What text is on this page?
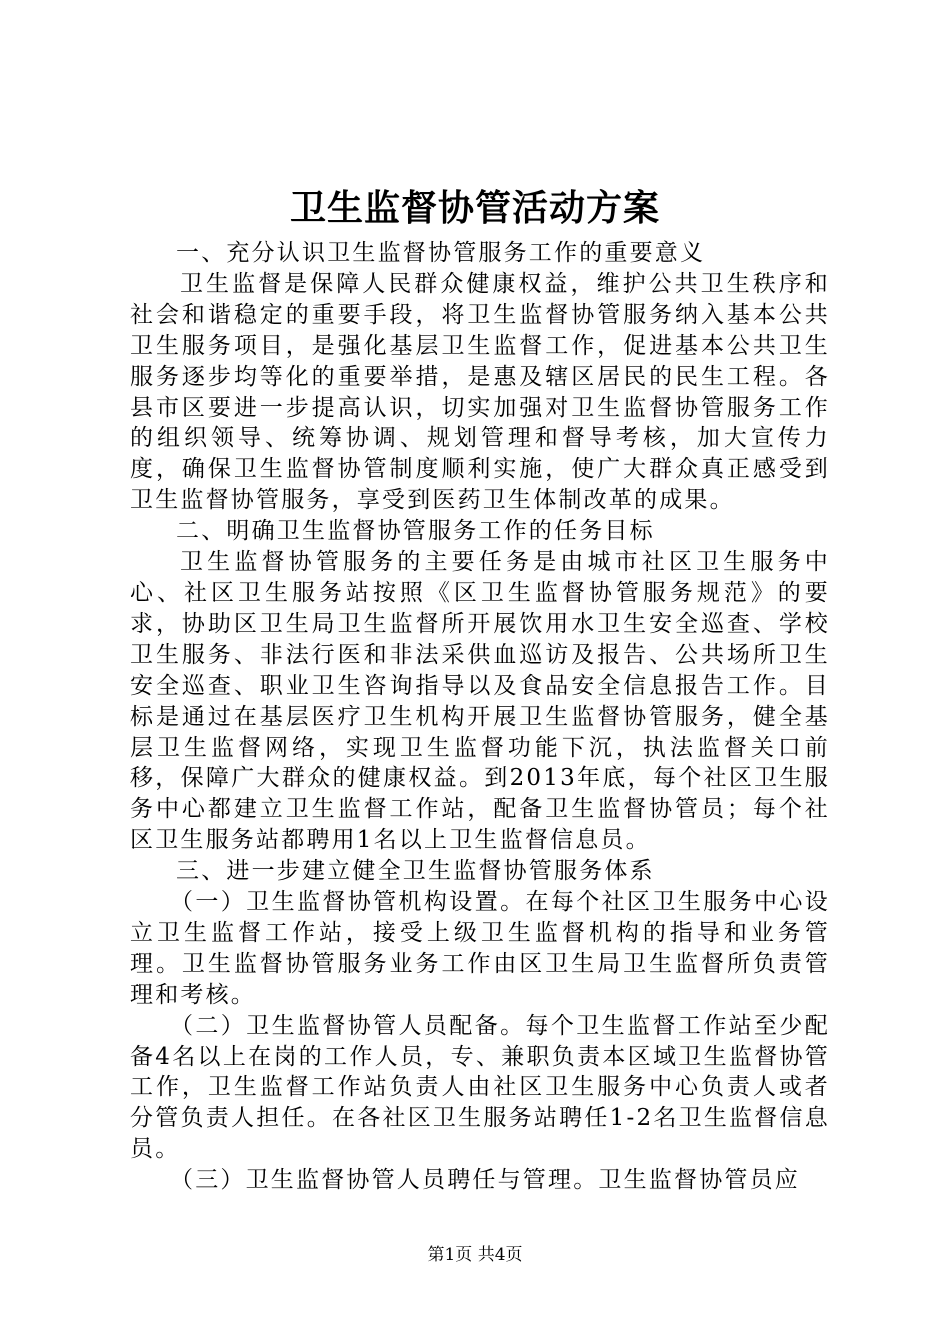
卫生监督协管活动方案

一、充分认识卫生监督协管服务工作的重要意义

卫生监督是保障人民群众健康权益，维护公共卫生秩序和社会和谐稳定的重要手段，将卫生监督协管服务纳入基本公共卫生服务项目，是强化基层卫生监督工作，促进基本公共卫生服务逐步均等化的重要举措，是惠及辖区居民的民生工程。各县市区要进一步提高认识，切实加强对卫生监督协管服务工作的组织领导、统筹协调、规划管理和督导考核，加大宣传力度，确保卫生监督协管制度顺利实施，使广大群众真正感受到卫生监督协管服务，享受到医药卫生体制改革的成果。

二、明确卫生监督协管服务工作的任务目标

卫生监督协管服务的主要任务是由城市社区卫生服务中心、社区卫生服务站按照《区卫生监督协管服务规范》的要求，协助区卫生局卫生监督所开展饮用水卫生安全巡查、学校卫生服务、非法行医和非法采供血巡访及报告、公共场所卫生安全巡查、职业卫生咨询指导以及食品安全信息报告工作。目标是通过在基层医疗卫生机构开展卫生监督协管服务，健全基层卫生监督网络，实现卫生监督功能下沉，执法监督关口前移，保障广大群众的健康权益。到2013年底，每个社区卫生服务中心都建立卫生监督工作站，配备卫生监督协管员；每个社区卫生服务站都聘用1名以上卫生监督信息员。

三、进一步建立健全卫生监督协管服务体系

（一）卫生监督协管机构设置。在每个社区卫生服务中心设立卫生监督工作站，接受上级卫生监督机构的指导和业务管理。卫生监督协管服务业务工作由区卫生局卫生监督所负责管理和考核。

（二）卫生监督协管人员配备。每个卫生监督工作站至少配备4名以上在岗的工作人员，专、兼职负责本区域卫生监督协管工作，卫生监督工作站负责人由社区卫生服务中心负责人或者分管负责人担任。在各社区卫生服务站聘任1-2名卫生监督信息员。

（三）卫生监督协管人员聘任与管理。卫生监督协管员应

第1页 共4页
